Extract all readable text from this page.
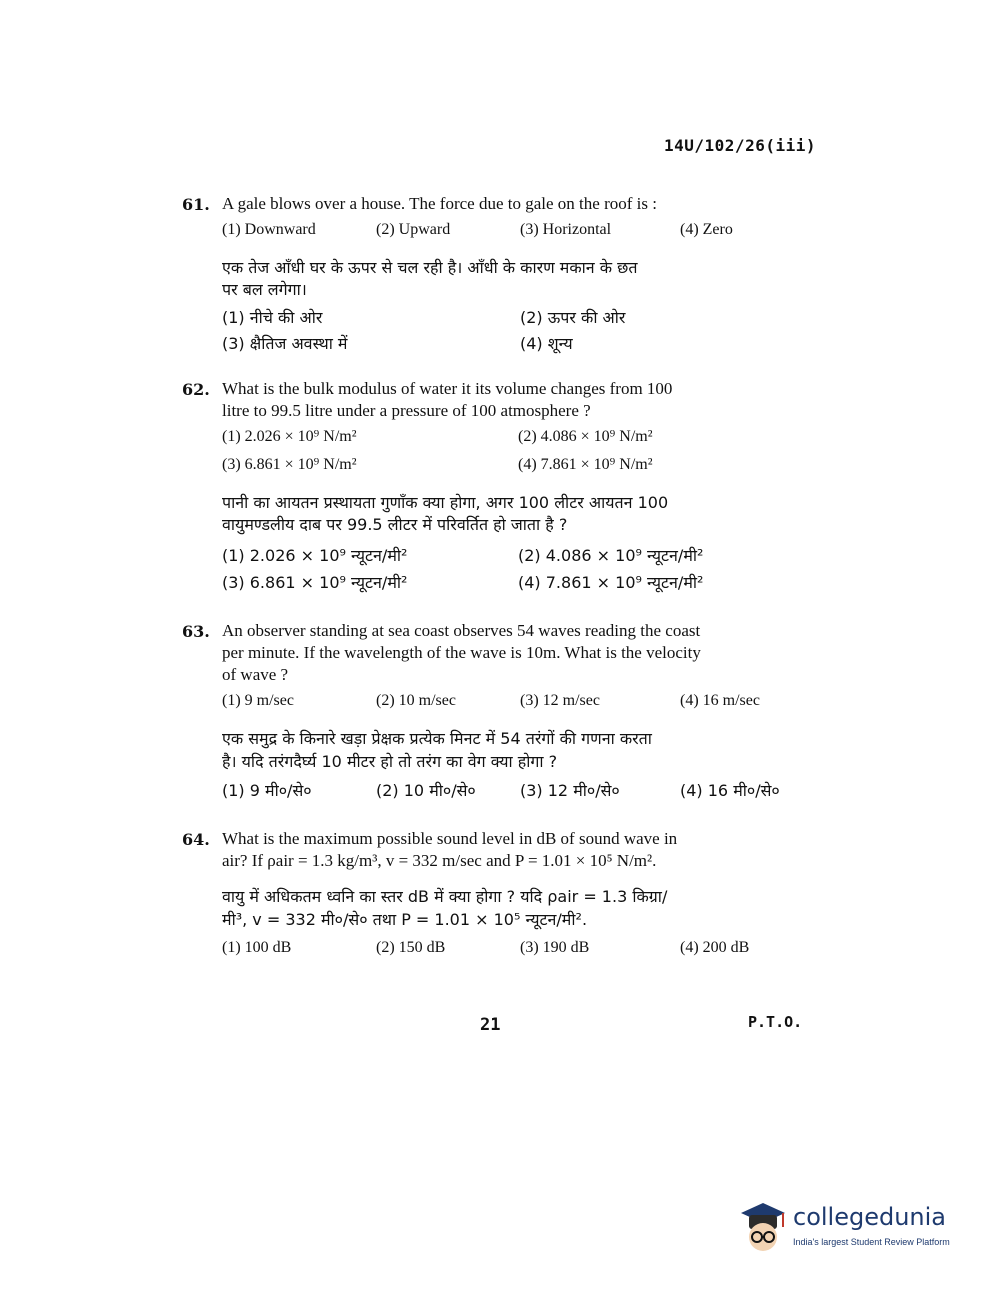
14U/102/26(iii)
61. A gale blows over a house. The force due to gale on the roof is :
(1) Downward	(2) Upward	(3) Horizontal	(4) Zero
एक तेज आँधी घर के ऊपर से चल रही है। आँधी के कारण मकान के छत
पर बल लगेगा।
(1) नीचे की ओर	(2) ऊपर की ओर
(3) क्षैतिज अवस्था में	(4) शून्य
62. What is the bulk modulus of water it its volume changes from 100
litre to 99.5 litre under a pressure of 100 atmosphere ?
(1) 2.026 × 10⁹ N/m²	(2) 4.086 × 10⁹ N/m²
(3) 6.861 × 10⁹ N/m²	(4) 7.861 × 10⁹ N/m²
पानी का आयतन प्रस्थायता गुणाँक क्या होगा, अगर 100 लीटर आयतन 100
वायुमण्डलीय दाब पर 99.5 लीटर में परिवर्तित हो जाता है ?
(1) 2.026 × 10⁹ न्यूटन/मी²	(2) 4.086 × 10⁹ न्यूटन/मी²
(3) 6.861 × 10⁹ न्यूटन/मी²	(4) 7.861 × 10⁹ न्यूटन/मी²
63. An observer standing at sea coast observes 54 waves reading the coast
per minute. If the wavelength of the wave is 10m. What is the velocity
of wave ?
(1) 9 m/sec	(2) 10 m/sec	(3) 12 m/sec	(4) 16 m/sec
एक समुद्र के किनारे खड़ा प्रेक्षक प्रत्येक मिनट में 54 तरंगों की गणना करता
है। यदि तरंगदैर्घ्य 10 मीटर हो तो तरंग का वेग क्या होगा ?
(1) 9 मी०/से०	(2) 10 मी०/से०	(3) 12 मी०/से०	(4) 16 मी०/से०
64. What is the maximum possible sound level in dB of sound wave in
air? If ρair = 1.3 kg/m³, v = 332 m/sec and P = 1.01 × 10⁵ N/m².
वायु में अधिकतम ध्वनि का स्तर dB में क्या होगा ? यदि ρair = 1.3 किग्रा/
मी³, v = 332 मी०/से० तथा P = 1.01 × 10⁵ न्यूटन/मी².
(1) 100 dB	(2) 150 dB	(3) 190 dB	(4) 200 dB
21	P.T.O.
collegedunia
India's largest Student Review Platform
